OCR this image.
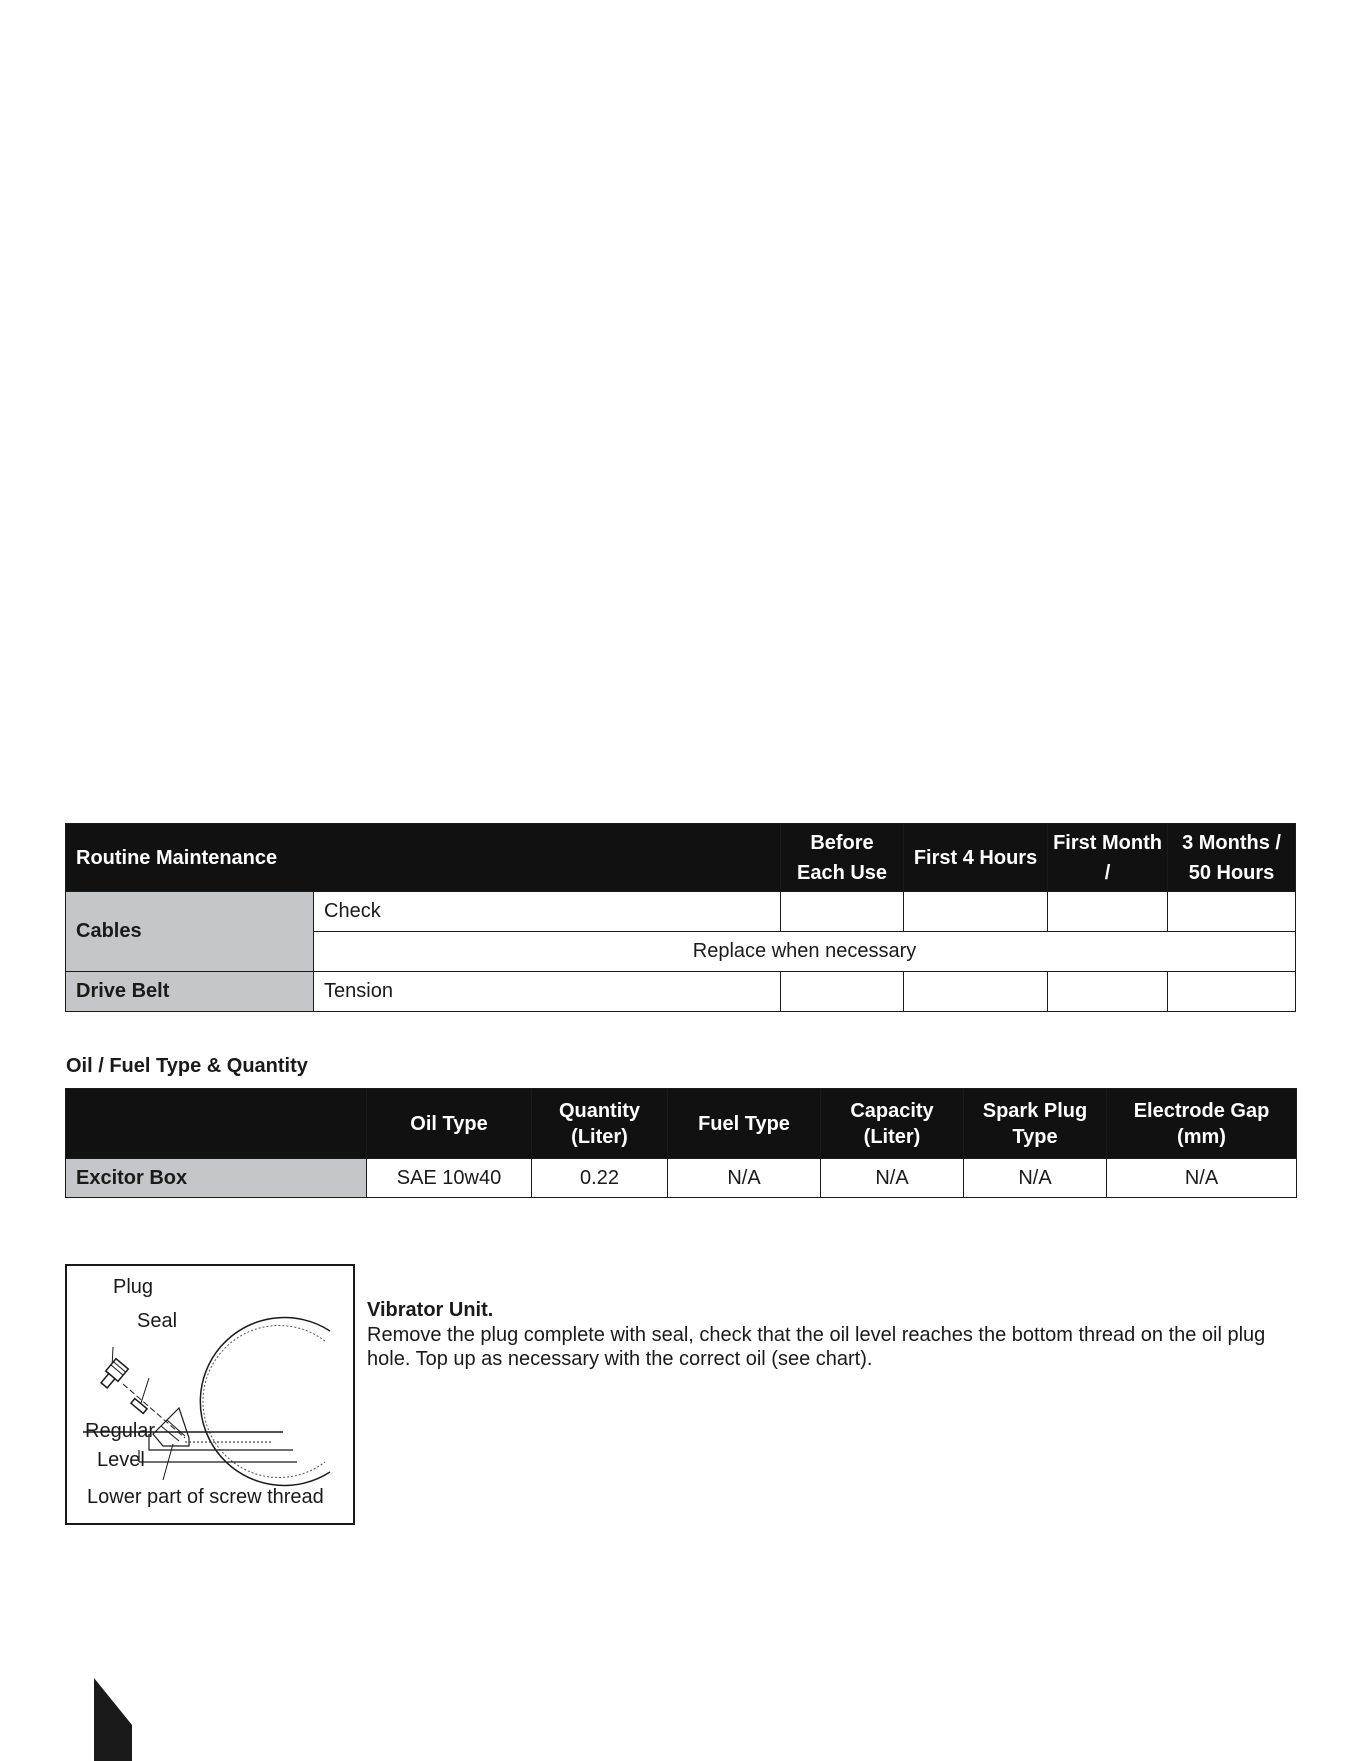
Routine Maintenance		Before Each Use	First 4 Hours	First Month /	3 Months / 50 Hours
Cables	Check				
	Replace when necessary				
Drive Belt	Tension				
Oil / Fuel Type & Quantity
	Oil Type	Quantity (Liter)	Fuel Type	Capacity (Liter)	Spark Plug Type	Electrode Gap (mm)
Excitor Box	SAE 10w40	0.22	N/A	N/A	N/A	N/A
Plug
Seal
Regular
Level
Lower part of screw thread
Vibrator Unit.
Remove the plug complete with seal, check that the oil level reaches the bottom thread on the oil plug hole. Top up as necessary with the correct oil (see chart).
